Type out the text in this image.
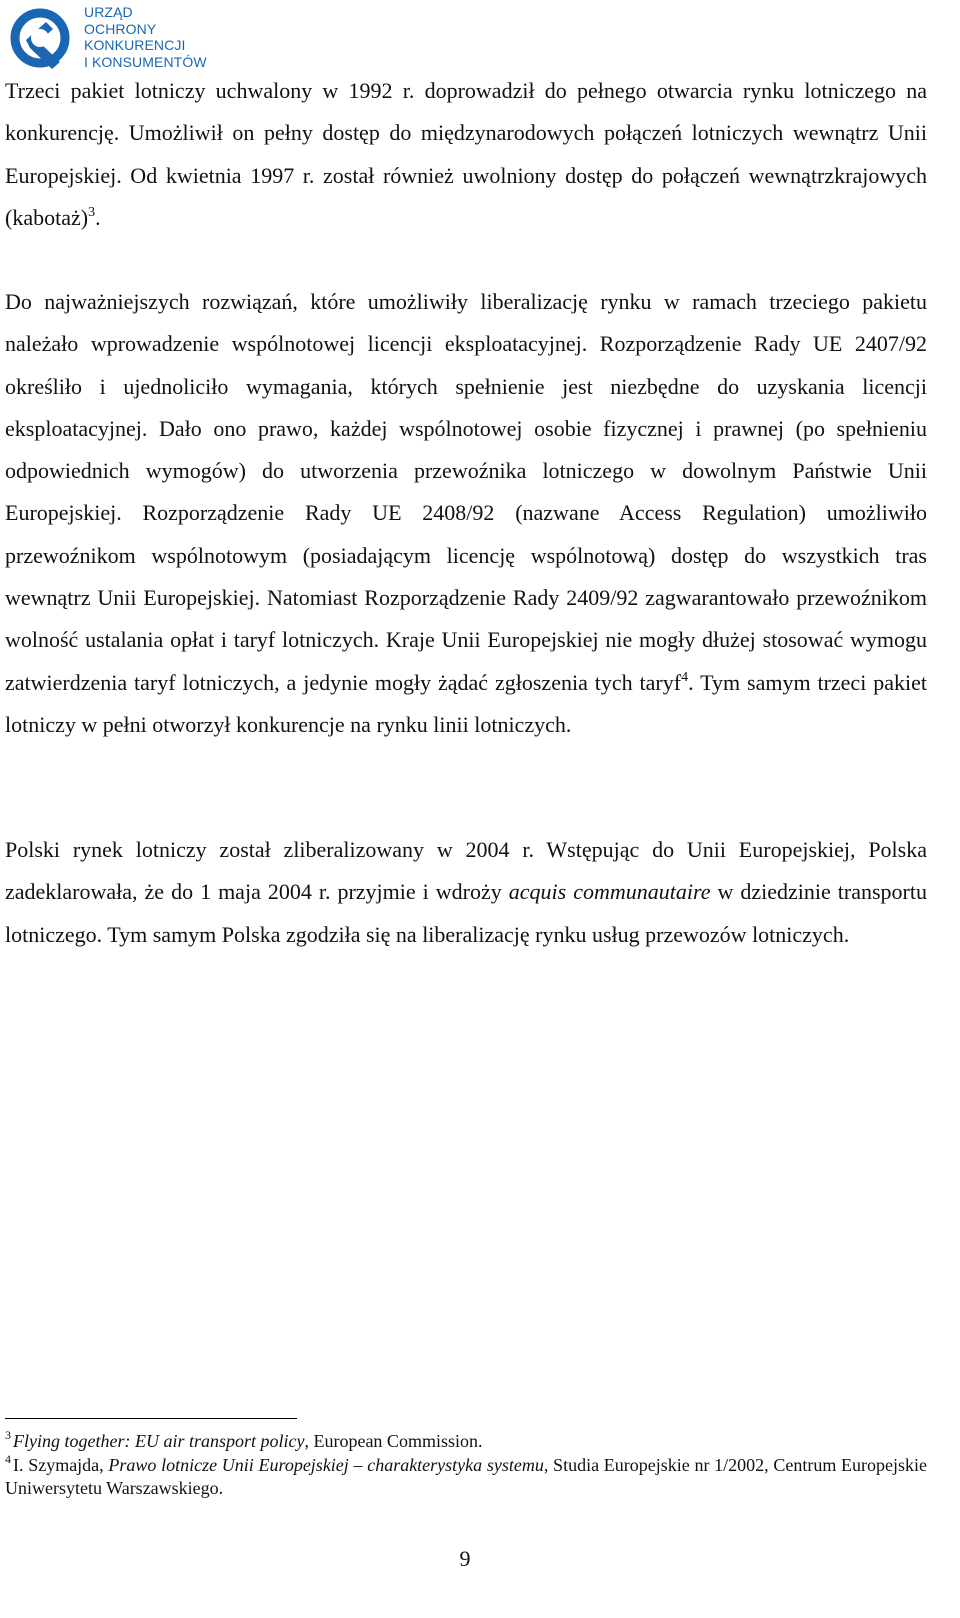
URZĄD
OCHRONY
KONKURENCJI
I KONSUMENTÓW

Trzeci pakiet lotniczy uchwalony w 1992 r. doprowadził do pełnego otwarcia rynku lotniczego na konkurencję. Umożliwił on pełny dostęp do międzynarodowych połączeń lotniczych wewnątrz Unii Europejskiej. Od kwietnia 1997 r. został również uwolniony dostęp do połączeń wewnątrzkrajowych (kabotaż)$^3$.

Do najważniejszych rozwiązań, które umożliwiły liberalizację rynku w ramach trzeciego pakietu należało wprowadzenie wspólnotowej licencji eksploatacyjnej. Rozporządzenie Rady UE 2407/92 określiło i ujednoliciło wymagania, których spełnienie jest niezbędne do uzyskania licencji eksploatacyjnej. Dało ono prawo, każdej wspólnotowej osobie fizycznej i prawnej (po spełnieniu odpowiednich wymogów) do utworzenia przewoźnika lotniczego w dowolnym Państwie Unii Europejskiej. Rozporządzenie Rady UE 2408/92 (nazwane Access Regulation) umożliwiło przewoźnikom wspólnotowym (posiadającym licencję wspólnotową) dostęp do wszystkich tras wewnątrz Unii Europejskiej. Natomiast Rozporządzenie Rady 2409/92 zagwarantowało przewoźnikom wolność ustalania opłat i taryf lotniczych. Kraje Unii Europejskiej nie mogły dłużej stosować wymogu zatwierdzenia taryf lotniczych, a jedynie mogły żądać zgłoszenia tych taryf$^4$. Tym samym trzeci pakiet lotniczy w pełni otworzył konkurencje na rynku linii lotniczych.

Polski rynek lotniczy został zliberalizowany w 2004 r. Wstępując do Unii Europejskiej, Polska zadeklarowała, że do 1 maja 2004 r. przyjmie i wdroży acquis communautaire w dziedzinie transportu lotniczego. Tym samym Polska zgodziła się na liberalizację rynku usług przewozów lotniczych.

$^3$ Flying together: EU air transport policy, European Commission.

$^4$ I. Szymajda, Prawo lotnicze Unii Europejskiej – charakterystyka systemu, Studia Europejskie nr 1/2002, Centrum Europejskie Uniwersytetu Warszawskiego.

9
